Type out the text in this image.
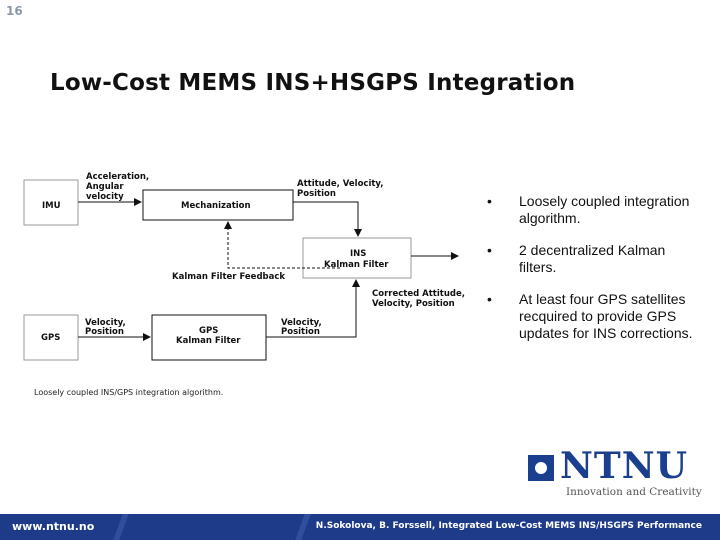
16
Low-Cost MEMS INS+HSGPS Integration
IMU	Mechanization
Acceleration,
Angular
velocity
Attitude, Velocity,
Position
INS
Kalman Filter
Kalman Filter Feedback
Corrected Attitude,
Velocity, Position
GPS
Velocity,
Position	GPS
Kalman Filter
Velocity,
Position
Loosely coupled INS/GPS integration algorithm.
• Loosely coupled integration algorithm.
• 2 decentralized Kalman filters.
• At least four GPS satellites recquired to provide GPS updates for INS corrections.
NTNU
Innovation and Creativity
www.ntnu.no	N.Sokolova, B. Forssell, Integrated Low-Cost MEMS INS/HSGPS Performance
